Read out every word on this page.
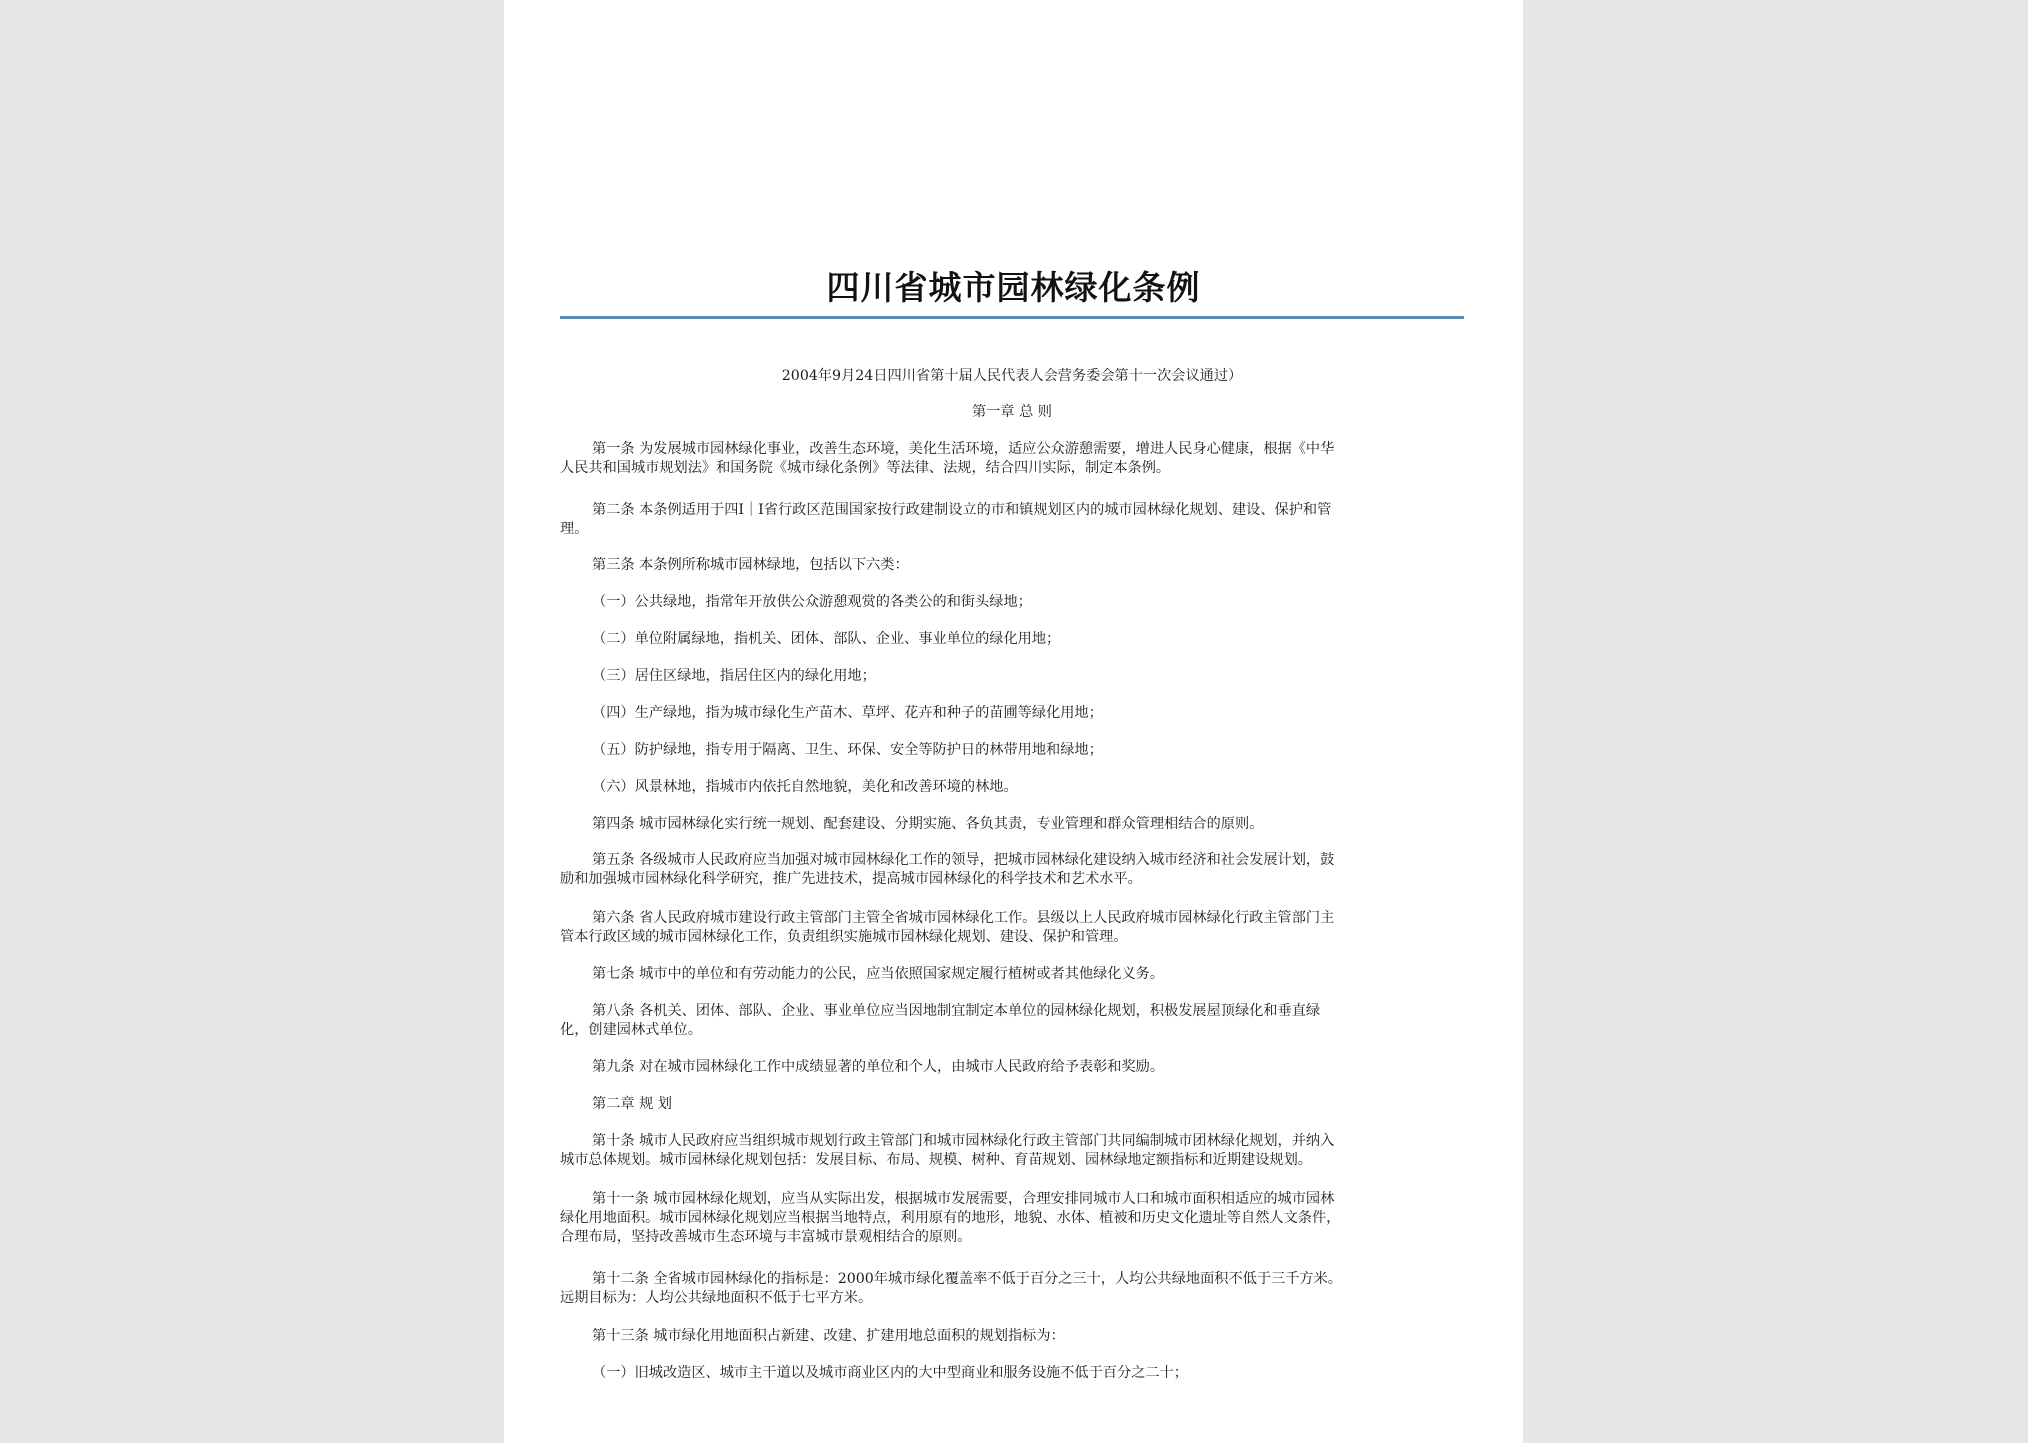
四川省城市园林绿化条例

2004年9月24日四川省第十届人民代表人会营务委会第十一次会议通过）

第一章 总 则

第一条 为发展城市园林绿化事业，改善生态环境，美化生活环境，适应公众游憩需要，增进人民身心健康，根据《中华
人民共和国城市规划法》和国务院《城市绿化条例》等法律、法规，结合四川实际，制定本条例。
第二条 本条例适用于四Ⅰ｜I省行政区范围国家按行政建制设立的市和镇规划区内的城市园林绿化规划、建设、保护和管
理。
第三条 本条例所称城市园林绿地，包括以下六类：
（一）公共绿地，指常年开放供公众游憩观赏的各类公的和街头绿地；
（二）单位附属绿地，指机关、团体、部队、企业、事业单位的绿化用地；
（三）居住区绿地，指居住区内的绿化用地；
（四）生产绿地，指为城市绿化生产苗木、草坪、花卉和种子的苗圃等绿化用地；
（五）防护绿地，指专用于隔离、卫生、环保、安全等防护日的林带用地和绿地；
（六）风景林地，指城市内依托自然地貌，美化和改善环境的林地。
第四条 城市园林绿化实行统一规划、配套建设、分期实施、各负其责，专业管理和群众管理相结合的原则。
第五条 各级城市人民政府应当加强对城市园林绿化工作的领导，把城市园林绿化建设纳入城市经济和社会发展计划，鼓
励和加强城市园林绿化科学研究，推广先进技术，提高城市园林绿化的科学技术和艺术水平。
第六条 省人民政府城市建设行政主管部门主管全省城市园林绿化工作。县级以上人民政府城市园林绿化行政主管部门主
管本行政区域的城市园林绿化工作，负责组织实施城市园林绿化规划、建设、保护和管理。
第七条 城市中的单位和有劳动能力的公民，应当依照国家规定履行植树或者其他绿化义务。
第八条 各机关、团体、部队、企业、事业单位应当因地制宜制定本单位的园林绿化规划，积极发展屋顶绿化和垂直绿
化，创建园林式单位。
第九条 对在城市园林绿化工作中成绩显著的单位和个人，由城市人民政府给予表彰和奖励。
第二章 规 划
第十条 城市人民政府应当组织城市规划行政主管部门和城市园林绿化行政主管部门共同编制城市团林绿化规划，并纳入
城市总体规划。城市园林绿化规划包括：发展目标、布局、规模、树种、育苗规划、园林绿地定额指标和近期建设规划。
第十一条 城市园林绿化规划，应当从实际出发，根据城市发展需要，合理安排同城市人口和城市面积相适应的城市园林
绿化用地面积。城市园林绿化规划应当根据当地特点，利用原有的地形，地貌、水体、植被和历史文化遗址等自然人文条件，
合理布局，坚持改善城市生态环境与丰富城市景观相结合的原则。
第十二条 全省城市园林绿化的指标是：2000年城市绿化覆盖率不低于百分之三十，人均公共绿地面积不低于三千方米。
远期目标为：人均公共绿地面积不低于七平方米。
第十三条 城市绿化用地面积占新建、改建、扩建用地总面积的规划指标为：
（一）旧城改造区、城市主干道以及城市商业区内的大中型商业和服务设施不低于百分之二十；
